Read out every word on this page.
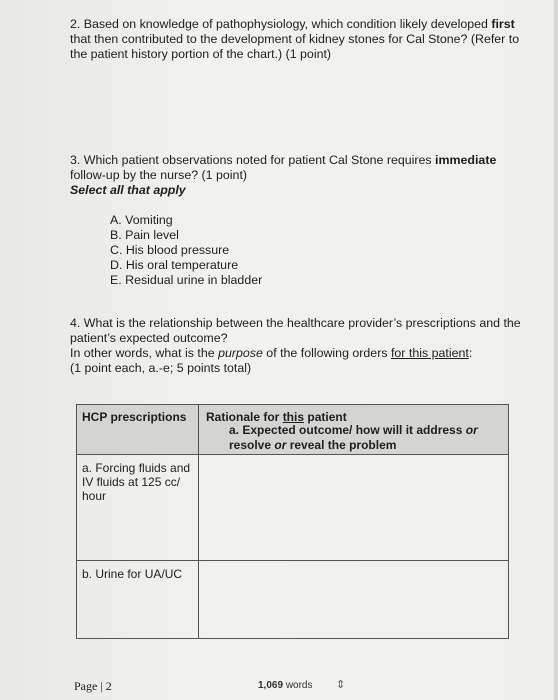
2. Based on knowledge of pathophysiology, which condition likely developed first that then contributed to the development of kidney stones for Cal Stone? (Refer to the patient history portion of the chart.) (1 point)
3. Which patient observations noted for patient Cal Stone requires immediate follow-up by the nurse? (1 point)
Select all that apply
A. Vomiting
B. Pain level
C. His blood pressure
D. His oral temperature
E. Residual urine in bladder
4. What is the relationship between the healthcare provider’s prescriptions and the patient’s expected outcome?
In other words, what is the purpose of the following orders for this patient:
(1 point each, a.-e; 5 points total)
HCP prescriptions Rationale for this patient
a. Expected outcome/ how will it address or resolve or reveal the problem
a. Forcing fluids and IV fluids at 125 cc/ hour
b. Urine for UA/UC
Page | 2	1,069 words ⇕
